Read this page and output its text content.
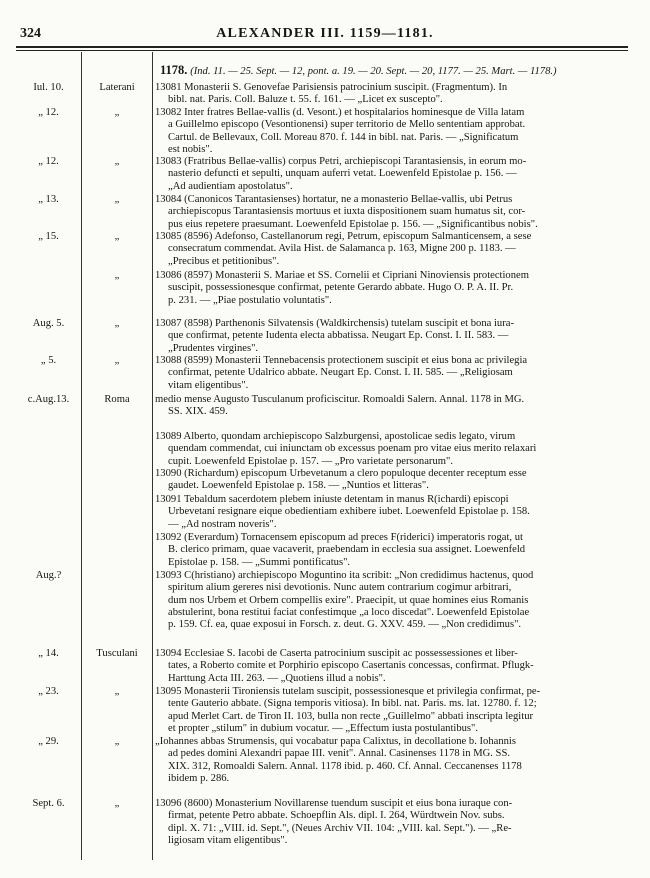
324	ALEXANDER III. 1159—1181.
1178. (Ind. 11. — 25. Sept. — 12, pont. a. 19. — 20. Sept. — 20, 1177. — 25. Mart. — 1178.)
Iul. 10.	Laterani	13081 Monasterii S. Genovefae Parisiensis patrocinium suscipit. (Fragmentum). In
bibl. nat. Paris. Coll. Baluze t. 55. f. 161. — „Licet ex suscepto".
„ 12.	„	13082 Inter fratres Bellae-vallis (d. Vesont.) et hospitalarios hominesque de Villa latam
a Guillelmo episcopo (Vesontionensi) super territorio de Mello sententiam approbat.
Cartul. de Bellevaux, Coll. Moreau 870. f. 144 in bibl. nat. Paris. — „Significatum
est nobis".
„ 12.	„	13083 (Fratribus Bellae-vallis) corpus Petri, archiepiscopi Tarantasiensis, in eorum mo-
nasterio defuncti et sepulti, unquam auferri vetat. Loewenfeld Epistolae p. 156. —
„Ad audientiam apostolatus".
„ 13.	„	13084 (Canonicos Tarantasienses) hortatur, ne a monasterio Bellae-vallis, ubi Petrus
archiepiscopus Tarantasiensis mortuus et iuxta dispositionem suam humatus sit, cor-
pus eius repetere praesumant. Loewenfeld Epistolae p. 156. — „Significantibus nobis".
„ 15.	„	13085 (8596) Adefonso, Castellanorum regi, Petrum, episcopum Salmanticensem, a sese
consecratum commendat. Avila Hist. de Salamanca p. 163, Migne 200 p. 1183. —
„Precibus et petitionibus".
„	13086 (8597) Monasterii S. Mariae et SS. Cornelii et Cipriani Ninoviensis protectionem
suscipit, possessionesque confirmat, petente Gerardo abbate. Hugo O. P. A. II. Pr.
p. 231. — „Piae postulatio voluntatis".
Aug. 5.	„	13087 (8598) Parthenonis Silvatensis (Waldkirchensis) tutelam suscipit et bona iura-
que confirmat, petente Iudenta electa abbatissa. Neugart Ep. Const. I. II. 583. —
„Prudentes virgines".
„ 5.	„	13088 (8599) Monasterii Tennebacensis protectionem suscipit et eius bona ac privilegia
confirmat, petente Udalrico abbate. Neugart Ep. Const. I. II. 585. — „Religiosam
vitam eligentibus".
c.Aug.13.	Roma	medio mense Augusto Tusculanum proficiscitur. Romoaldi Salern. Annal. 1178 in MG.
SS. XIX. 459.
13089 Alberto, quondam archiepiscopo Salzburgensi, apostolicae sedis legato, virum
quendam commendat, cui iniunctam ob excessus poenam pro vitae eius merito relaxari
cupit. Loewenfeld Epistolae p. 157. — „Pro varietate personarum".
13090 (Richardum) episcopum Urbevetanum a clero populoque decenter receptum esse
gaudet. Loewenfeld Epistolae p. 158. — „Nuntios et litteras".
13091 Tebaldum sacerdotem plebem iniuste detentam in manus R(ichardi) episcopi
Urbevetani resignare eique obedientiam exhibere iubet. Loewenfeld Epistolae p. 158.
— „Ad nostram noveris".
13092 (Everardum) Tornacensem episcopum ad preces F(riderici) imperatoris rogat, ut
B. clerico primam, quae vacaverit, praebendam in ecclesia sua assignet. Loewenfeld
Epistolae p. 158. — „Summi pontificatus".
Aug.?	13093 C(hristiano) archiepiscopo Moguntino ita scribit: „Non credidimus hactenus, quod
spiritum alium gereres nisi devotionis. Nunc autem contrarium cogimur arbitrari,
dum nos Urbem et Orbem compellis exire". Praecipit, ut quae homines eius Romanis
abstulerint, bona restitui faciat confestimque „a loco discedat". Loewenfeld Epistolae
p. 159. Cf. ea, quae exposui in Forsch. z. deut. G. XXV. 459. — „Non credidimus".
„ 14.	Tusculani	13094 Ecclesiae S. Iacobi de Caserta patrocinium suscipit ac possessessiones et liber-
tates, a Roberto comite et Porphirio episcopo Casertanis concessas, confirmat. Pflugk-
Harttung Acta III. 263. — „Quotiens illud a nobis".
„ 23.	„	13095 Monasterii Tironiensis tutelam suscipit, possessionesque et privilegia confirmat, pe-
tente Gauterio abbate. (Signa temporis vitiosa). In bibl. nat. Paris. ms. lat. 12780. f. 12;
apud Merlet Cart. de Tiron II. 103, bulla non recte „Guillelmo" abbati inscripta legitur
et propter „stilum" in dubium vocatur. — „Effectum iusta postulantibus".
„ 29.	„	„Iohannes abbas Strumensis, qui vocabatur papa Calixtus, in decollatione b. Iohannis
ad pedes domini Alexandri papae III. venit". Annal. Casinenses 1178 in MG. SS.
XIX. 312, Romoaldi Salern. Annal. 1178 ibid. p. 460. Cf. Annal. Ceccanenses 1178
ibidem p. 286.
Sept. 6.	„	13096 (8600) Monasterium Novillarense tuendum suscipit et eius bona iuraque con-
firmat, petente Petro abbate. Schoepflin Als. dipl. I. 264, Würdtwein Nov. subs.
dipl. X. 71: „VIII. id. Sept.", (Neues Archiv VII. 104: „VIII. kal. Sept."). — „Re-
ligiosam vitam eligentibus".
